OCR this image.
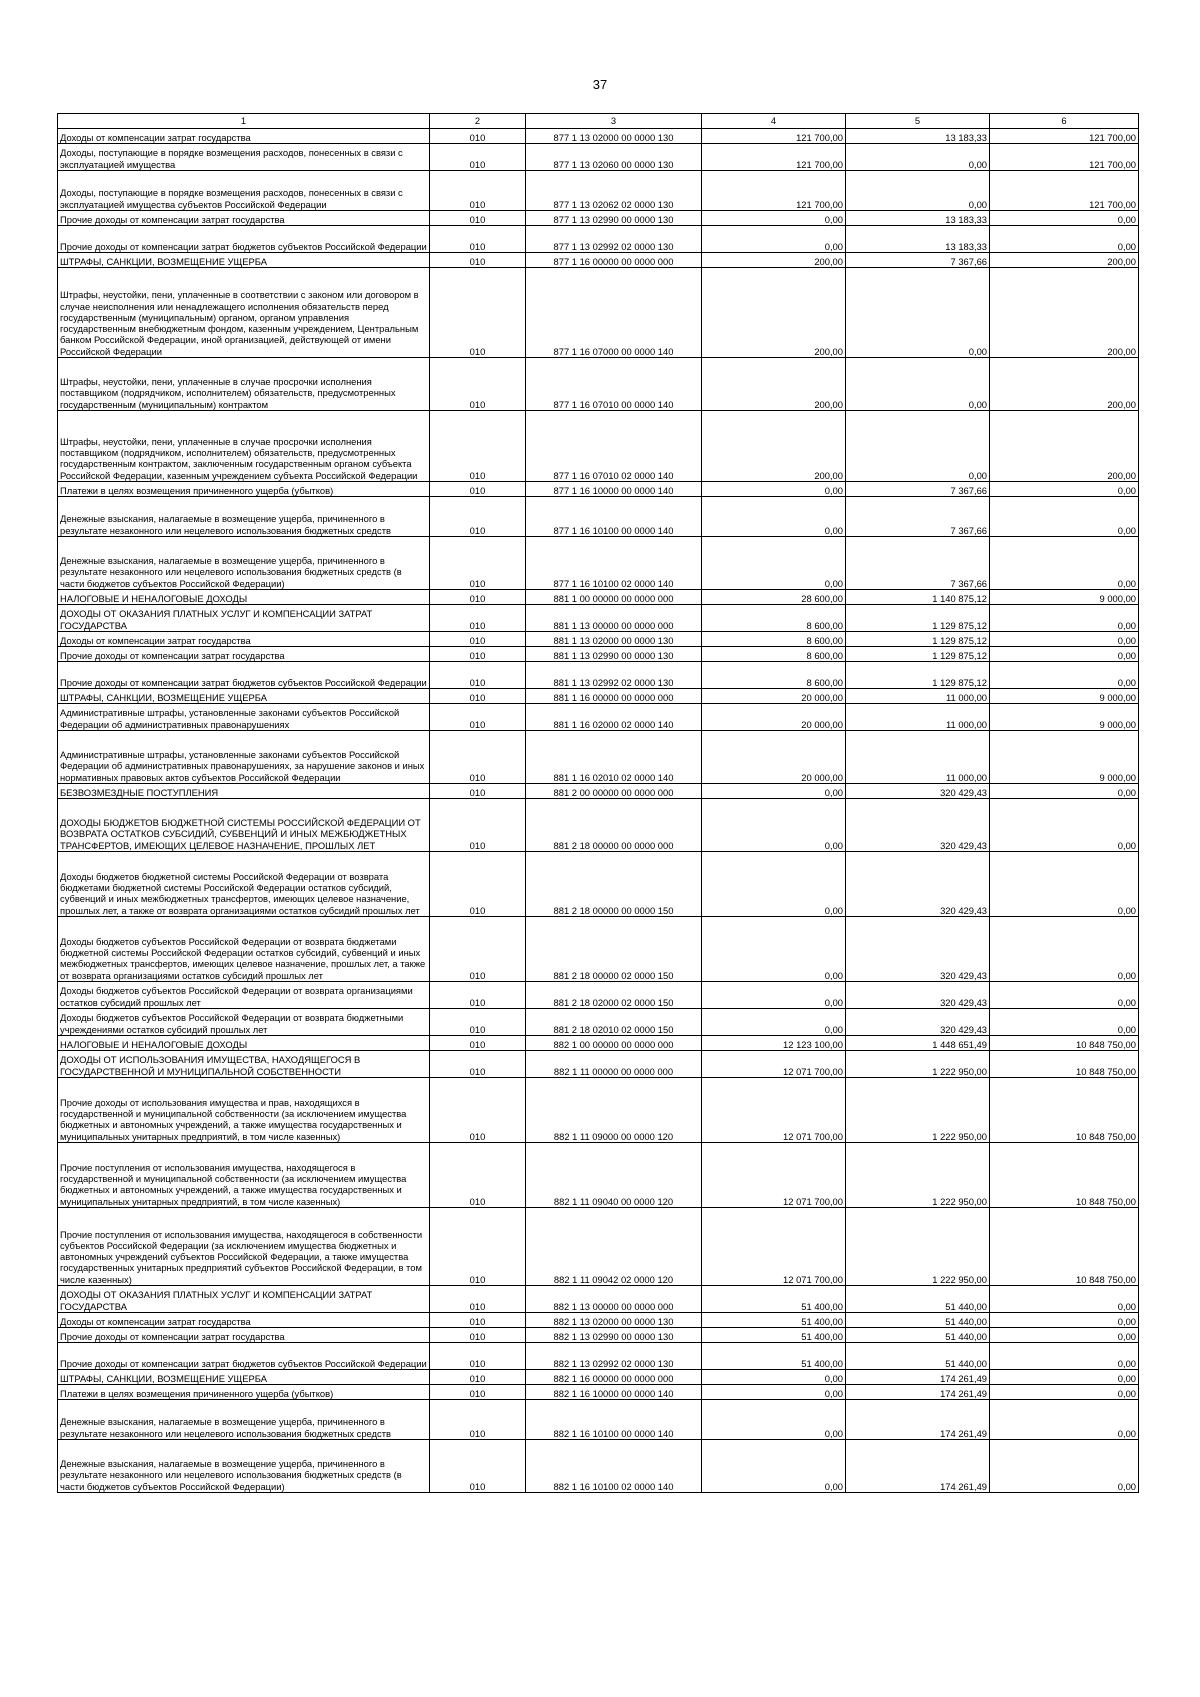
37
1	2	3	4	5	6
Доходы от компенсации затрат государства	010	877 1 13 02000 00 0000 130	121 700,00	13 183,33	121 700,00
Доходы, поступающие в порядке возмещения расходов, понесенных в связи с эксплуатацией имущества	010	877 1 13 02060 00 0000 130	121 700,00	0,00	121 700,00
Доходы, поступающие в порядке возмещения расходов, понесенных в связи с эксплуатацией имущества субъектов Российской Федерации	010	877 1 13 02062 02 0000 130	121 700,00	0,00	121 700,00
Прочие доходы от компенсации затрат государства	010	877 1 13 02990 00 0000 130	0,00	13 183,33	0,00
Прочие доходы от компенсации затрат бюджетов субъектов Российской Федерации	010	877 1 13 02992 02 0000 130	0,00	13 183,33	0,00
ШТРАФЫ, САНКЦИИ, ВОЗМЕЩЕНИЕ УЩЕРБА	010	877 1 16 00000 00 0000 000	200,00	7 367,66	200,00
Штрафы, неустойки, пени, уплаченные в соответствии с законом или договором в случае неисполнения или ненадлежащего исполнения обязательств перед государственным (муниципальным) органом, органом управления государственным внебюджетным фондом, казенным учреждением, Центральным банком Российской Федерации, иной организацией, действующей от имени Российской Федерации	010	877 1 16 07000 00 0000 140	200,00	0,00	200,00
Штрафы, неустойки, пени, уплаченные в случае просрочки исполнения поставщиком (подрядчиком, исполнителем) обязательств, предусмотренных государственным (муниципальным) контрактом	010	877 1 16 07010 00 0000 140	200,00	0,00	200,00
Штрафы, неустойки, пени, уплаченные в случае просрочки исполнения поставщиком (подрядчиком, исполнителем) обязательств, предусмотренных государственным контрактом, заключенным государственным органом субъекта Российской Федерации, казенным учреждением субъекта Российской Федерации	010	877 1 16 07010 02 0000 140	200,00	0,00	200,00
Платежи в целях возмещения причиненного ущерба (убытков)	010	877 1 16 10000 00 0000 140	0,00	7 367,66	0,00
Денежные взыскания, налагаемые в возмещение ущерба, причиненного в результате незаконного или нецелевого использования бюджетных средств	010	877 1 16 10100 00 0000 140	0,00	7 367,66	0,00
Денежные взыскания, налагаемые в возмещение ущерба, причиненного в результате незаконного или нецелевого использования бюджетных средств (в части бюджетов субъектов Российской Федерации)	010	877 1 16 10100 02 0000 140	0,00	7 367,66	0,00
НАЛОГОВЫЕ И НЕНАЛОГОВЫЕ ДОХОДЫ	010	881 1 00 00000 00 0000 000	28 600,00	1 140 875,12	9 000,00
ДОХОДЫ ОТ ОКАЗАНИЯ ПЛАТНЫХ УСЛУГ И КОМПЕНСАЦИИ ЗАТРАТ ГОСУДАРСТВА	010	881 1 13 00000 00 0000 000	8 600,00	1 129 875,12	0,00
Доходы от компенсации затрат государства	010	881 1 13 02000 00 0000 130	8 600,00	1 129 875,12	0,00
Прочие доходы от компенсации затрат государства	010	881 1 13 02990 00 0000 130	8 600,00	1 129 875,12	0,00
Прочие доходы от компенсации затрат бюджетов субъектов Российской Федерации	010	881 1 13 02992 02 0000 130	8 600,00	1 129 875,12	0,00
ШТРАФЫ, САНКЦИИ, ВОЗМЕЩЕНИЕ УЩЕРБА	010	881 1 16 00000 00 0000 000	20 000,00	11 000,00	9 000,00
Административные штрафы, установленные законами субъектов Российской Федерации об административных правонарушениях	010	881 1 16 02000 02 0000 140	20 000,00	11 000,00	9 000,00
Административные штрафы, установленные законами субъектов Российской Федерации об административных правонарушениях, за нарушение законов и иных нормативных правовых актов субъектов Российской Федерации	010	881 1 16 02010 02 0000 140	20 000,00	11 000,00	9 000,00
БЕЗВОЗМЕЗДНЫЕ ПОСТУПЛЕНИЯ	010	881 2 00 00000 00 0000 000	0,00	320 429,43	0,00
ДОХОДЫ БЮДЖЕТОВ БЮДЖЕТНОЙ СИСТЕМЫ РОССИЙСКОЙ ФЕДЕРАЦИИ ОТ ВОЗВРАТА ОСТАТКОВ СУБСИДИЙ, СУБВЕНЦИЙ И ИНЫХ МЕЖБЮДЖЕТНЫХ ТРАНСФЕРТОВ, ИМЕЮЩИХ ЦЕЛЕВОЕ НАЗНАЧЕНИЕ, ПРОШЛЫХ ЛЕТ	010	881 2 18 00000 00 0000 000	0,00	320 429,43	0,00
Доходы бюджетов бюджетной системы Российской Федерации от возврата бюджетами бюджетной системы Российской Федерации остатков субсидий, субвенций и иных межбюджетных трансфертов, имеющих целевое назначение, прошлых лет, а также от возврата организациями остатков субсидий прошлых лет	010	881 2 18 00000 00 0000 150	0,00	320 429,43	0,00
Доходы бюджетов субъектов Российской Федерации от возврата бюджетами бюджетной системы Российской Федерации остатков субсидий, субвенций и иных межбюджетных трансфертов, имеющих целевое назначение, прошлых лет, а также от возврата организациями остатков субсидий прошлых лет	010	881 2 18 00000 02 0000 150	0,00	320 429,43	0,00
Доходы бюджетов субъектов Российской Федерации от возврата организациями остатков субсидий прошлых лет	010	881 2 18 02000 02 0000 150	0,00	320 429,43	0,00
Доходы бюджетов субъектов Российской Федерации от возврата бюджетными учреждениями остатков субсидий прошлых лет	010	881 2 18 02010 02 0000 150	0,00	320 429,43	0,00
НАЛОГОВЫЕ И НЕНАЛОГОВЫЕ ДОХОДЫ	010	882 1 00 00000 00 0000 000	12 123 100,00	1 448 651,49	10 848 750,00
ДОХОДЫ ОТ ИСПОЛЬЗОВАНИЯ ИМУЩЕСТВА, НАХОДЯЩЕГОСЯ В ГОСУДАРСТВЕННОЙ И МУНИЦИПАЛЬНОЙ СОБСТВЕННОСТИ	010	882 1 11 00000 00 0000 000	12 071 700,00	1 222 950,00	10 848 750,00
Прочие доходы от использования имущества и прав, находящихся в государственной и муниципальной собственности (за исключением имущества бюджетных и автономных учреждений, а также имущества государственных и муниципальных унитарных предприятий, в том числе казенных)	010	882 1 11 09000 00 0000 120	12 071 700,00	1 222 950,00	10 848 750,00
Прочие поступления от использования имущества, находящегося в государственной и муниципальной собственности (за исключением имущества бюджетных и автономных учреждений, а также имущества государственных и муниципальных унитарных предприятий, в том числе казенных)	010	882 1 11 09040 00 0000 120	12 071 700,00	1 222 950,00	10 848 750,00
Прочие поступления от использования имущества, находящегося в собственности субъектов Российской Федерации (за исключением имущества бюджетных и автономных учреждений субъектов Российской Федерации, а также имущества государственных унитарных предприятий субъектов Российской Федерации, в том числе казенных)	010	882 1 11 09042 02 0000 120	12 071 700,00	1 222 950,00	10 848 750,00
ДОХОДЫ ОТ ОКАЗАНИЯ ПЛАТНЫХ УСЛУГ И КОМПЕНСАЦИИ ЗАТРАТ ГОСУДАРСТВА	010	882 1 13 00000 00 0000 000	51 400,00	51 440,00	0,00
Доходы от компенсации затрат государства	010	882 1 13 02000 00 0000 130	51 400,00	51 440,00	0,00
Прочие доходы от компенсации затрат государства	010	882 1 13 02990 00 0000 130	51 400,00	51 440,00	0,00
Прочие доходы от компенсации затрат бюджетов субъектов Российской Федерации	010	882 1 13 02992 02 0000 130	51 400,00	51 440,00	0,00
ШТРАФЫ, САНКЦИИ, ВОЗМЕЩЕНИЕ УЩЕРБА	010	882 1 16 00000 00 0000 000	0,00	174 261,49	0,00
Платежи в целях возмещения причиненного ущерба (убытков)	010	882 1 16 10000 00 0000 140	0,00	174 261,49	0,00
Денежные взыскания, налагаемые в возмещение ущерба, причиненного в результате незаконного или нецелевого использования бюджетных средств	010	882 1 16 10100 00 0000 140	0,00	174 261,49	0,00
Денежные взыскания, налагаемые в возмещение ущерба, причиненного в результате незаконного или нецелевого использования бюджетных средств (в части бюджетов субъектов Российской Федерации)	010	882 1 16 10100 02 0000 140	0,00	174 261,49	0,00
